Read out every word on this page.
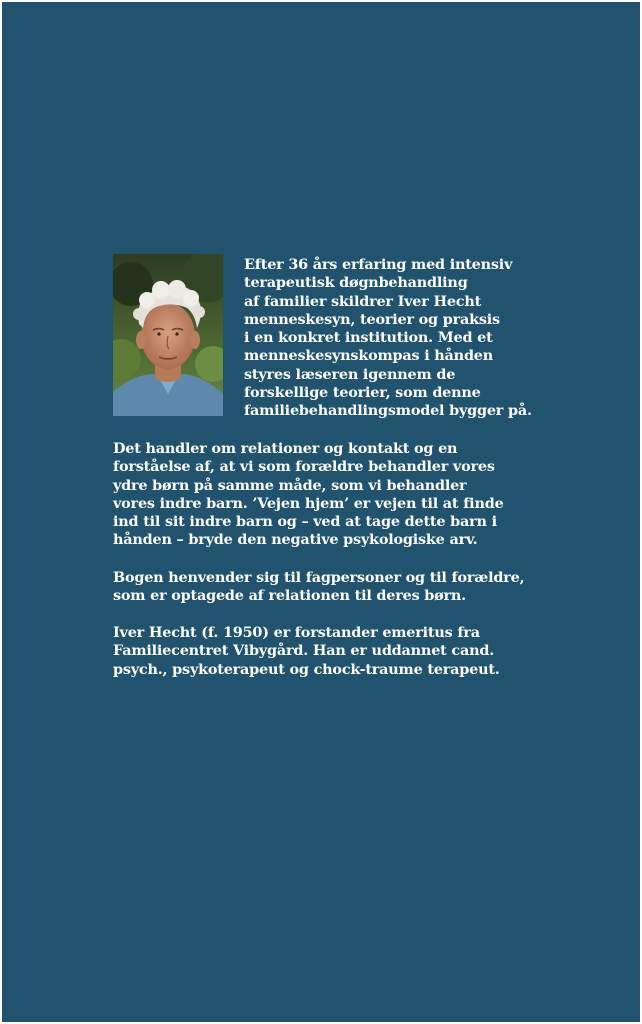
Efter 36 års erfaring med intensiv
terapeutisk døgnbehandling
af familier skildrer Iver Hecht
menneskesyn, teorier og praksis
i en konkret institution. Med et
menneskesynskompas i hånden
styres læseren igennem de
forskellige teorier, som denne
familiebehandlingsmodel bygger på.

Det handler om relationer og kontakt og en
forståelse af, at vi som forældre behandler vores
ydre børn på samme måde, som vi behandler
vores indre barn. ’Vejen hjem’ er vejen til at finde
ind til sit indre barn og – ved at tage dette barn i
hånden – bryde den negative psykologiske arv.

Bogen henvender sig til fagpersoner og til forældre,
som er optagede af relationen til deres børn.

Iver Hecht (f. 1950) er forstander emeritus fra
Familiecentret Vibygård. Han er uddannet cand.
psych., psykoterapeut og chock-traume terapeut.
